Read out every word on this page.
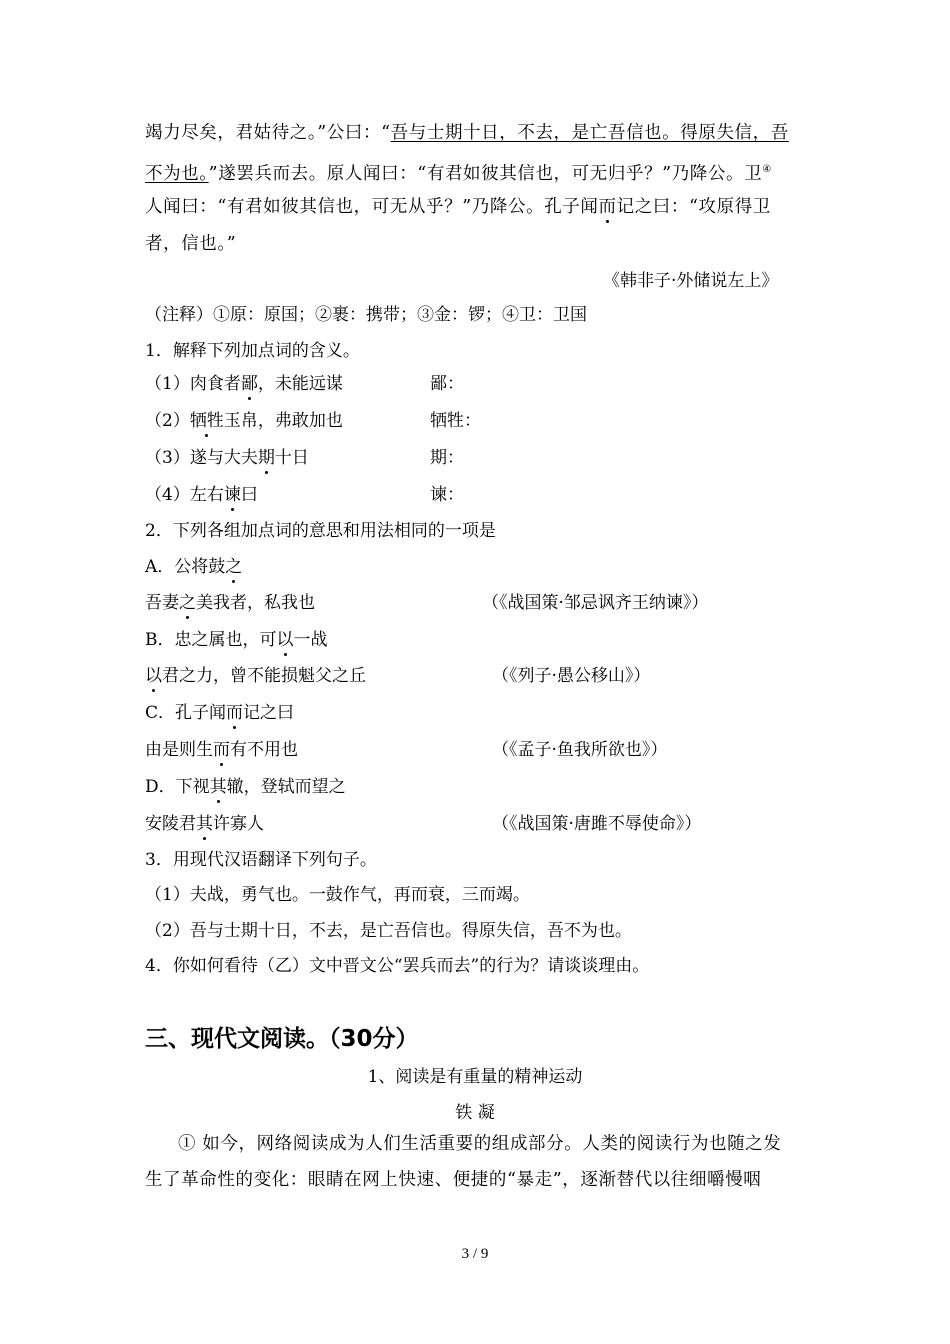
竭力尽矣，君姑待之。”公曰：“吾与士期十日，不去，是亡吾信也。得原失信，吾
不为也。”遂罢兵而去。原人闻曰：“有君如彼其信也，可无归乎？”乃降公。卫④
人闻曰：“有君如彼其信也，可无从乎？”乃降公。孔子闻而记之曰：“攻原得卫
者，信也。”
《韩非子·外储说左上》
（注释）①原：原国；②裹：携带；③金：锣；④卫：卫国
1．解释下列加点词的含义。
（1）肉食者鄙，未能远谋	鄙：
（2）牺牲玉帛，弗敢加也	牺牲：
（3）遂与大夫期十日	期：
（4）左右谏曰	谏：
2．下列各组加点词的意思和用法相同的一项是
A．公将鼓之
吾妻之美我者，私我也	（《战国策·邹忌讽齐王纳谏》）
B．忠之属也，可以一战
以君之力，曾不能损魁父之丘	（《列子·愚公移山》）
C．孔子闻而记之曰
由是则生而有不用也	（《孟子·鱼我所欲也》）
D．下视其辙，登轼而望之
安陵君其许寡人	（《战国策·唐雎不辱使命》）
3．用现代汉语翻译下列句子。
（1）夫战，勇气也。一鼓作气，再而衰，三而竭。
（2）吾与士期十日，不去，是亡吾信也。得原失信，吾不为也。
4．你如何看待（乙）文中晋文公“罢兵而去”的行为？请谈谈理由。
三、现代文阅读。（30分）
1、阅读是有重量的精神运动
铁 凝
① 如今，网络阅读成为人们生活重要的组成部分。人类的阅读行为也随之发
生了革命性的变化：眼睛在网上快速、便捷的“暴走”，逐渐替代以往细嚼慢咽
3 / 9
